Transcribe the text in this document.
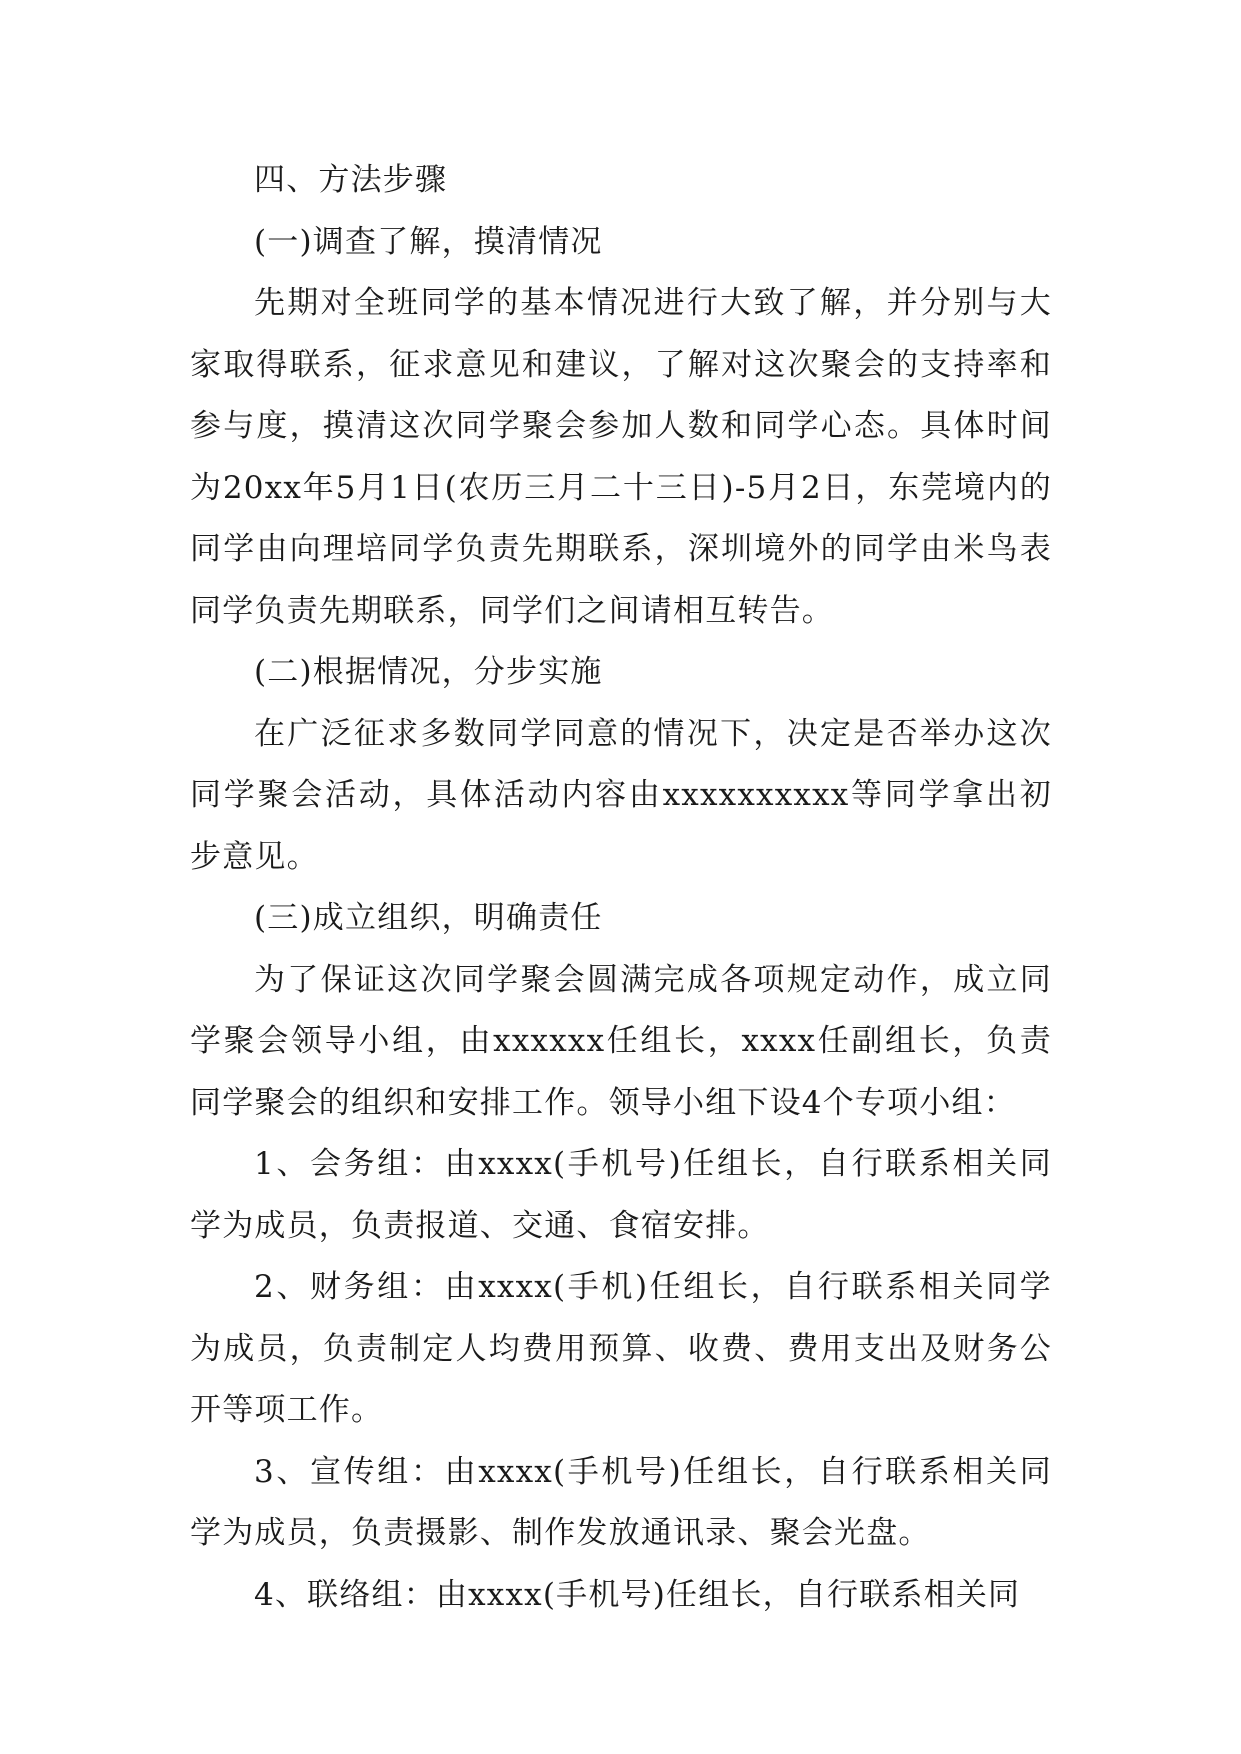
四、方法步骤

(一)调查了解，摸清情况

先期对全班同学的基本情况进行大致了解，并分别与大家取得联系，征求意见和建议，了解对这次聚会的支持率和参与度，摸清这次同学聚会参加人数和同学心态。具体时间为20xx年5月1日(农历三月二十三日)-5月2日，东莞境内的同学由向理培同学负责先期联系，深圳境外的同学由米鸟表同学负责先期联系，同学们之间请相互转告。

(二)根据情况，分步实施

在广泛征求多数同学同意的情况下，决定是否举办这次同学聚会活动，具体活动内容由xxxxxxxxxx等同学拿出初步意见。

(三)成立组织，明确责任

为了保证这次同学聚会圆满完成各项规定动作，成立同学聚会领导小组，由xxxxxx任组长，xxxx任副组长，负责同学聚会的组织和安排工作。领导小组下设4个专项小组：

1、会务组：由xxxx(手机号)任组长，自行联系相关同学为成员，负责报道、交通、食宿安排。

2、财务组：由xxxx(手机)任组长，自行联系相关同学为成员，负责制定人均费用预算、收费、费用支出及财务公开等项工作。

3、宣传组：由xxxx(手机号)任组长，自行联系相关同学为成员，负责摄影、制作发放通讯录、聚会光盘。

4、联络组：由xxxx(手机号)任组长，自行联系相关同
